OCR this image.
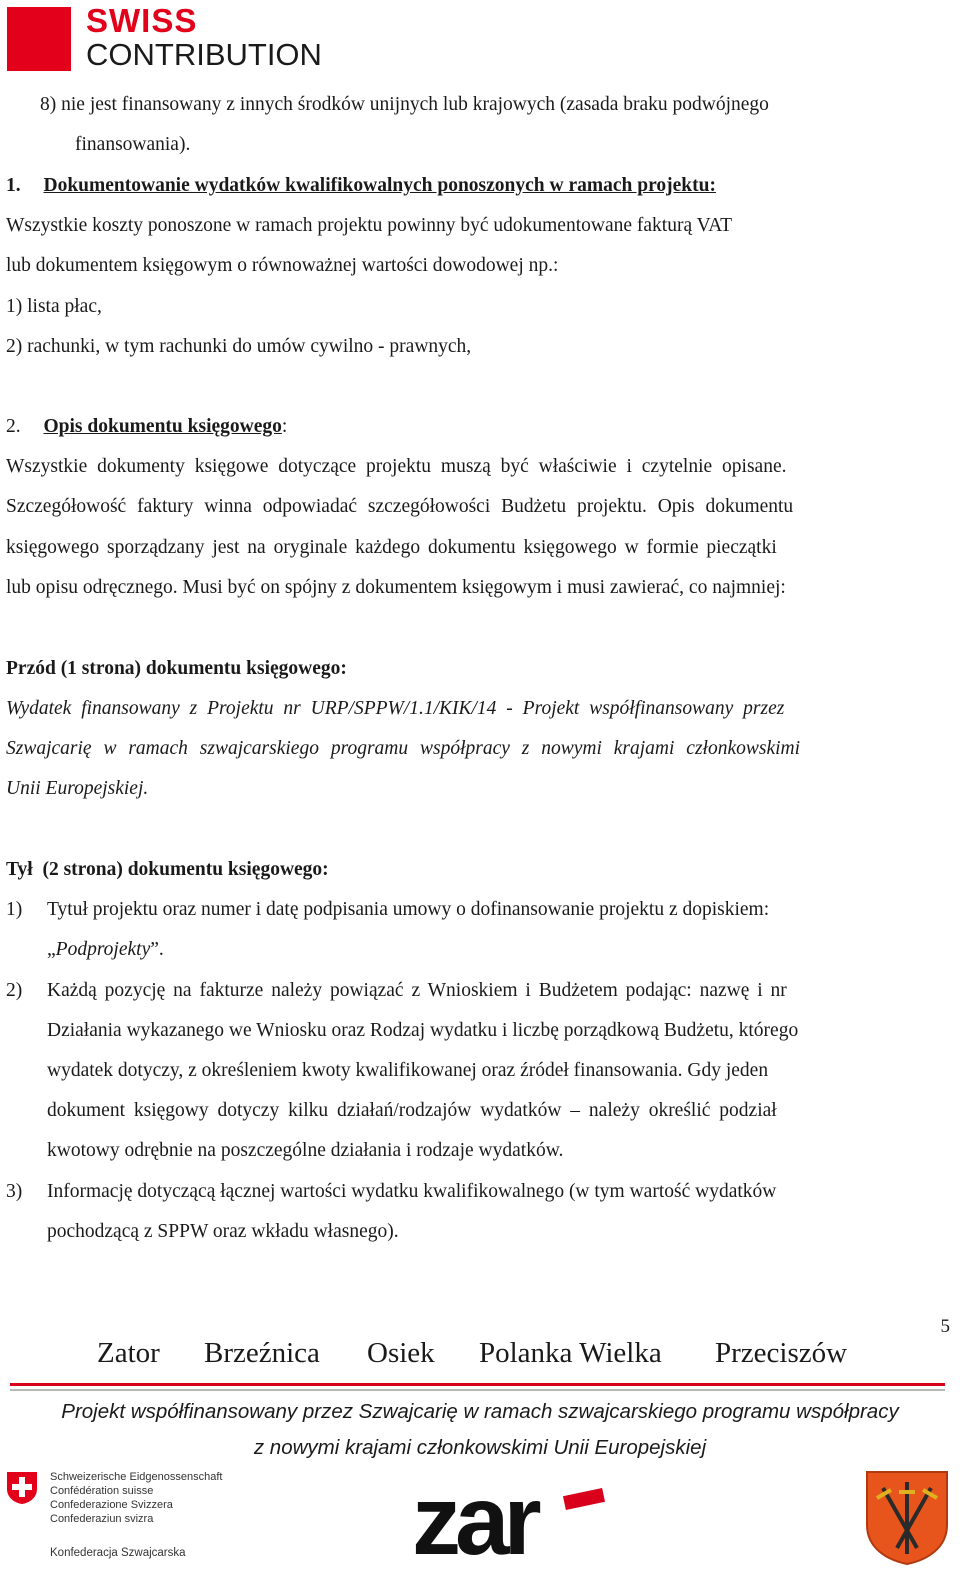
SWISS
CONTRIBUTION
8) nie jest finansowany z innych środków unijnych lub krajowych (zasada braku podwójnego
finansowania).
1. Dokumentowanie wydatków kwalifikowalnych ponoszonych w ramach projektu:
Wszystkie koszty ponoszone w ramach projektu powinny być udokumentowane fakturą VAT
lub dokumentem księgowym o równoważnej wartości dowodowej np.:
1) lista płac,
2) rachunki, w tym rachunki do umów cywilno - prawnych,
2. Opis dokumentu księgowego:
Wszystkie dokumenty księgowe dotyczące projektu muszą być właściwie i czytelnie opisane.
Szczegółowość faktury winna odpowiadać szczegółowości Budżetu projektu. Opis dokumentu
księgowego sporządzany jest na oryginale każdego dokumentu księgowego w formie pieczątki
lub opisu odręcznego. Musi być on spójny z dokumentem księgowym i musi zawierać, co najmniej:
Przód (1 strona) dokumentu księgowego:
Wydatek finansowany z Projektu nr URP/SPPW/1.1/KIK/14 - Projekt współfinansowany przez
Szwajcarię w ramach szwajcarskiego programu współpracy z nowymi krajami członkowskimi
Unii Europejskiej.
Tył  (2 strona) dokumentu księgowego:
1) Tytuł projektu oraz numer i datę podpisania umowy o dofinansowanie projektu z dopiskiem:
„Podprojekty”.
2) Każdą pozycję na fakturze należy powiązać z Wnioskiem i Budżetem podając: nazwę i nr
Działania wykazanego we Wniosku oraz Rodzaj wydatku i liczbę porządkową Budżetu, którego
wydatek dotyczy, z określeniem kwoty kwalifikowanej oraz źródeł finansowania. Gdy jeden
dokument księgowy dotyczy kilku działań/rodzajów wydatków – należy określić podział
kwotowy odrębnie na poszczególne działania i rodzaje wydatków.
3) Informację dotyczącą łącznej wartości wydatku kwalifikowalnego (w tym wartość wydatków
pochodzącą z SPPW oraz wkładu własnego).
5
Zator Brzeźnica Osiek Polanka Wielka Przeciszów
Projekt współfinansowany przez Szwajcarię w ramach szwajcarskiego programu współpracy
z nowymi krajami członkowskimi Unii Europejskiej
Schweizerische Eidgenossenschaft
Confédération suisse
Confederazione Svizzera
Confederaziun svizra
Konfederacja Szwajcarska zar
